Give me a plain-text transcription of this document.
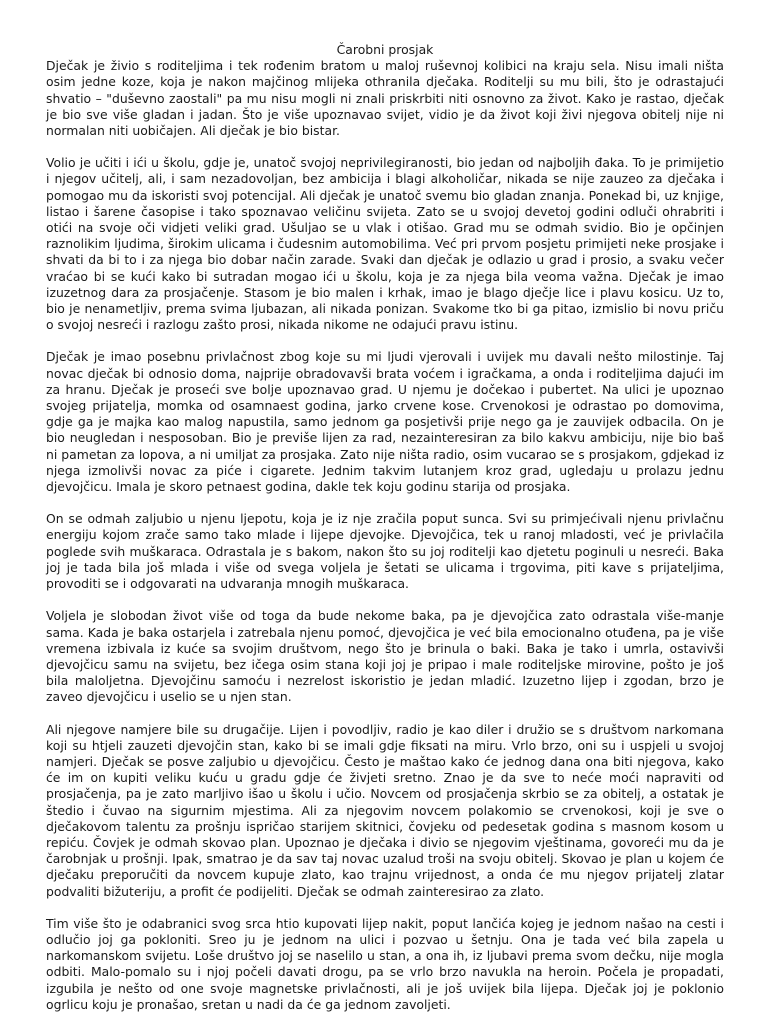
Čarobni prosjak

Dječak je živio s roditeljima i tek rođenim bratom u maloj ruševnoj kolibici na kraju sela. Nisu imali ništa osim jedne koze, koja je nakon majčinog mlijeka othranila dječaka. Roditelji su mu bili, što je odrastajući shvatio – "duševno zaostali" pa mu nisu mogli ni znali priskrbiti niti osnovno za život. Kako je rastao, dječak je bio sve više gladan i jadan. Što je više upoznavao svijet, vidio je da život koji živi njegova obitelj nije ni normalan niti uobičajen. Ali dječak je bio bistar.

Volio je učiti i ići u školu, gdje je, unatoč svojoj neprivilegiranosti, bio jedan od najboljih đaka. To je primijetio i njegov učitelj, ali, i sam nezadovoljan, bez ambicija i blagi alkoholičar, nikada se nije zauzeo za dječaka i pomogao mu da iskoristi svoj potencijal. Ali dječak je unatoč svemu bio gladan znanja. Ponekad bi, uz knjige, listao i šarene časopise i tako spoznavao veličinu svijeta. Zato se u svojoj devetoj godini odluči ohrabriti i otići na svoje oči vidjeti veliki grad. Ušuljao se u vlak i otišao. Grad mu se odmah svidio. Bio je opčinjen raznolikim ljudima, širokim ulicama i čudesnim automobilima. Već pri prvom posjetu primijeti neke prosjake i shvati da bi to i za njega bio dobar način zarade. Svaki dan dječak je odlazio u grad i prosio, a svaku večer vraćao bi se kući kako bi sutradan mogao ići u školu, koja je za njega bila veoma važna. Dječak je imao izuzetnog dara za prosjačenje. Stasom je bio malen i krhak, imao je blago dječje lice i plavu kosicu. Uz to, bio je nenametljiv, prema svima ljubazan, ali nikada ponizan. Svakome tko bi ga pitao, izmislio bi novu priču o svojoj nesreći i razlogu zašto prosi, nikada nikome ne odajući pravu istinu.

Dječak je imao posebnu privlačnost zbog koje su mi ljudi vjerovali i uvijek mu davali nešto milostinje. Taj novac dječak bi odnosio doma, najprije obradovavši brata voćem i igračkama, a onda i roditeljima dajući im za hranu. Dječak je prosеći sve bolje upoznavao grad. U njemu je dočekao i pubertet. Na ulici je upoznao svojeg prijatelja, momka od osamnaest godina, jarko crvene kose. Crvenokosi je odrastao po domovima, gdje ga je majka kao malog napustila, samo jednom ga posjetivši prije nego ga je zauvijek odbacila. On je bio neugledan i nesposoban. Bio je previše lijen za rad, nezainteresiran za bilo kakvu ambiciju, nije bio baš ni pametan za lopova, a ni umiljat za prosjaka. Zato nije ništa radio, osim vucarao se s prosjakom, gdjekad iz njega izmolivši novac za piće i cigarete. Jednim takvim lutanjem kroz grad, ugledaju u prolazu jednu djevojčicu. Imala je skoro petnaest godina, dakle tek koju godinu starija od prosjaka.

On se odmah zaljubio u njenu ljepotu, koja je iz nje zračila poput sunca. Svi su primjećivali njenu privlačnu energiju kojom zrače samo tako mlade i lijepe djevojke. Djevojčica, tek u ranoj mladosti, već je privlačila poglede svih muškaraca. Odrastala je s bakom, nakon što su joj roditelji kao djetetu poginuli u nesreći. Baka joj je tada bila još mlada i više od svega voljela je šetati se ulicama i trgovima, piti kave s prijateljima, provoditi se i odgovarati na udvaranja mnogih muškaraca.

Voljela je slobodan život više od toga da bude nekome baka, pa je djevojčica zato odrastala više-manje sama. Kada je baka ostarjela i zatrebala njenu pomoć, djevojčica je već bila emocionalno otuđena, pa je više vremena izbivala iz kuće sa svojim društvom, nego što je brinula o baki. Baka je tako i umrla, ostavivši djevojčicu samu na svijetu, bez ičega osim stana koji joj je pripao i male roditeljske mirovine, pošto je još bila maloljetna. Djevojčinu samoću i nezrelost iskoristio je jedan mladić. Izuzetno lijep i zgodan, brzo je zaveo djevojčicu i uselio se u njen stan.

Ali njegove namjere bile su drugačije. Lijen i povodljiv, radio je kao diler i družio se s društvom narkomana koji su htjeli zauzeti djevojčin stan, kako bi se imali gdje fiksati na miru. Vrlo brzo, oni su i uspjeli u svojoj namjeri. Dječak se posve zaljubio u djevojčicu. Često je maštao kako će jednog dana ona biti njegova, kako će im on kupiti veliku kuću u gradu gdje će živjeti sretno. Znao je da sve to neće moći napraviti od prosjačenja, pa je zato marljivo išao u školu i učio. Novcem od prosjačenja skrbio se za obitelj, a ostatak je štedio i čuvao na sigurnim mjestima. Ali za njegovim novcem polakomio se crvenokosi, koji je sve o dječakovom talentu za prošnju ispričao starijem skitnici, čovjeku od pedesetak godina s masnom kosom u repiću. Čovjek je odmah skovao plan. Upoznao je dječaka i divio se njegovim vještinama, govoreći mu da je čarobnjak u prošnji. Ipak, smatrao je da sav taj novac uzalud troši na svoju obitelj. Skovao je plan u kojem će dječaku preporučiti da novcem kupuje zlato, kao trajnu vrijednost, a onda će mu njegov prijatelj zlatar podvaliti bižuteriju, a profit će podijeliti. Dječak se odmah zainteresirao za zlato.

Tim više što je odabranici svog srca htio kupovati lijep nakit, poput lančića kojeg je jednom našao na cesti i odlučio joj ga pokloniti. Sreo ju je jednom na ulici i pozvao u šetnju. Ona je tada već bila zapela u narkomanskom svijetu. Loše društvo joj se naselilo u stan, a ona ih, iz ljubavi prema svom dečku, nije mogla odbiti. Malo-pomalo su i njoj počeli davati drogu, pa se vrlo brzo navukla na heroin. Počela je propadati, izgubila je nešto od one svoje magnetske privlačnosti, ali je još uvijek bila lijepa. Dječak joj je poklonio ogrlicu koju je pronašao, sretan u nadi da će ga jednom zavoljeti.
